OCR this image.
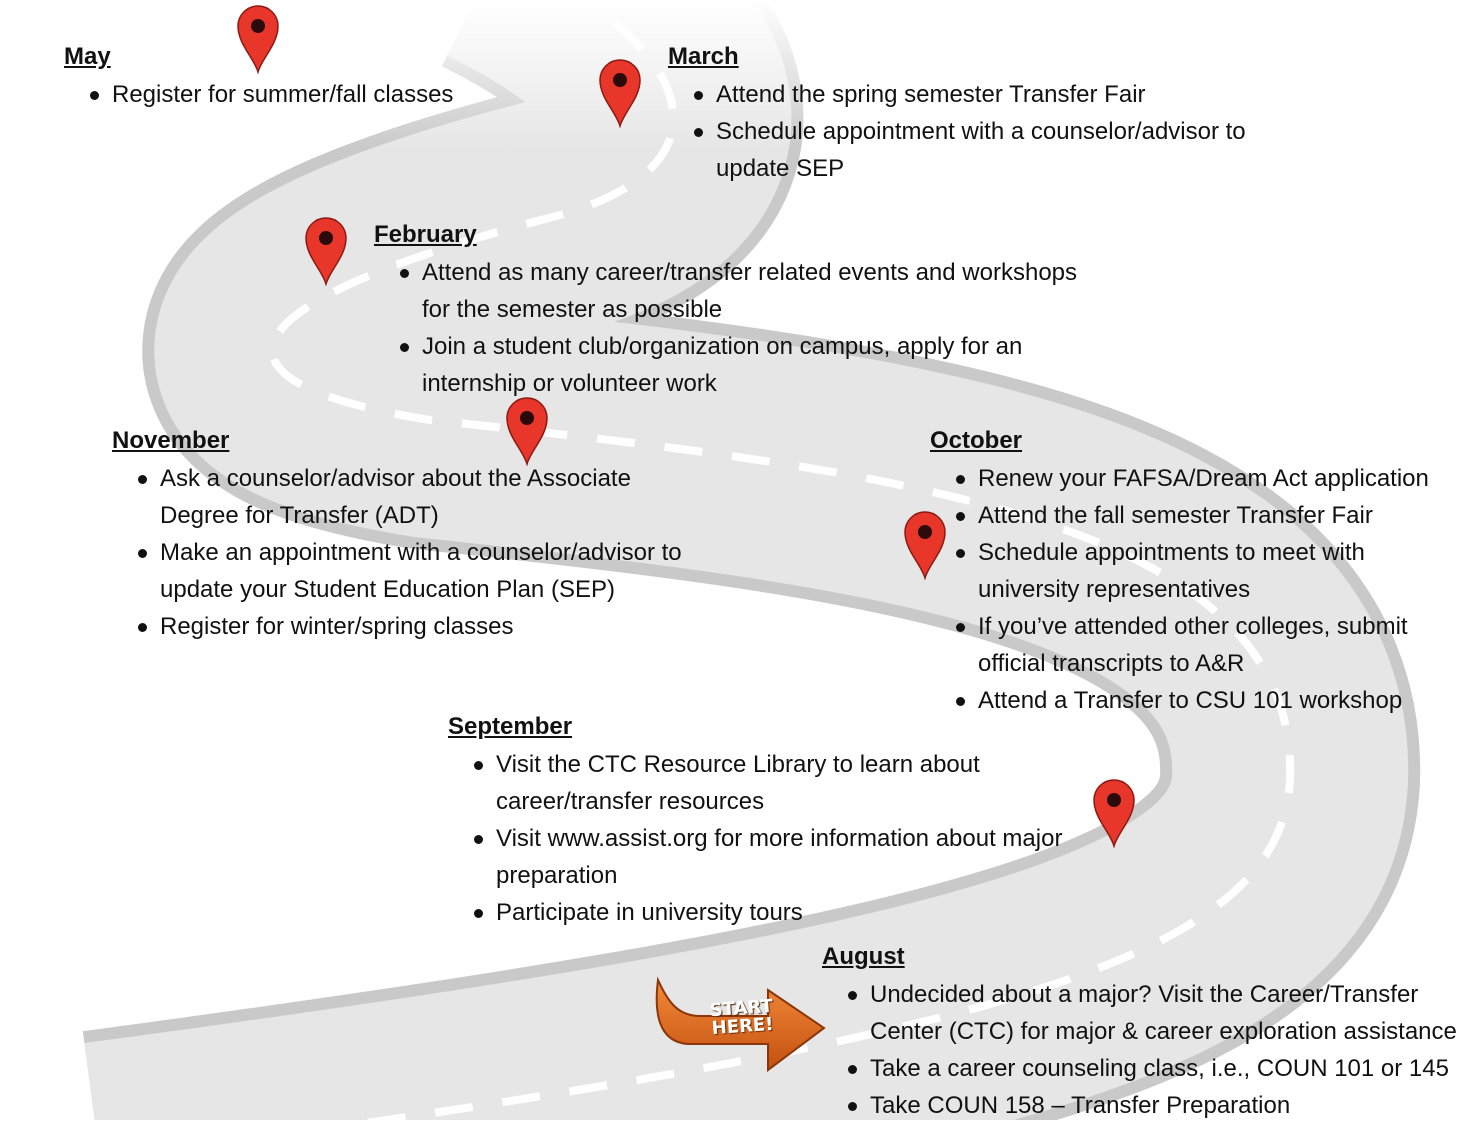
START
HERE!
May
Register for summer/fall classes
March
Attend the spring semester Transfer Fair
Schedule appointment with a counselor/advisor to update SEP
February
Attend as many career/transfer related events and workshops for the semester as possible
Join a student club/organization on campus, apply for an internship or volunteer work
November
Ask a counselor/advisor about the Associate Degree for Transfer (ADT)
Make an appointment with a counselor/advisor to update your Student Education Plan (SEP)
Register for winter/spring classes
October
Renew your FAFSA/Dream Act application
Attend the fall semester Transfer Fair
Schedule appointments to meet with university representatives
If you’ve attended other colleges, submit official transcripts to A&R
Attend a Transfer to CSU 101 workshop
September
Visit the CTC Resource Library to learn about career/transfer resources
Visit www.assist.org for more information about major preparation
Participate in university tours
August
Undecided about a major? Visit the Career/Transfer Center (CTC) for major & career exploration assistance
Take a career counseling class, i.e., COUN 101 or 145
Take COUN 158 – Transfer Preparation
